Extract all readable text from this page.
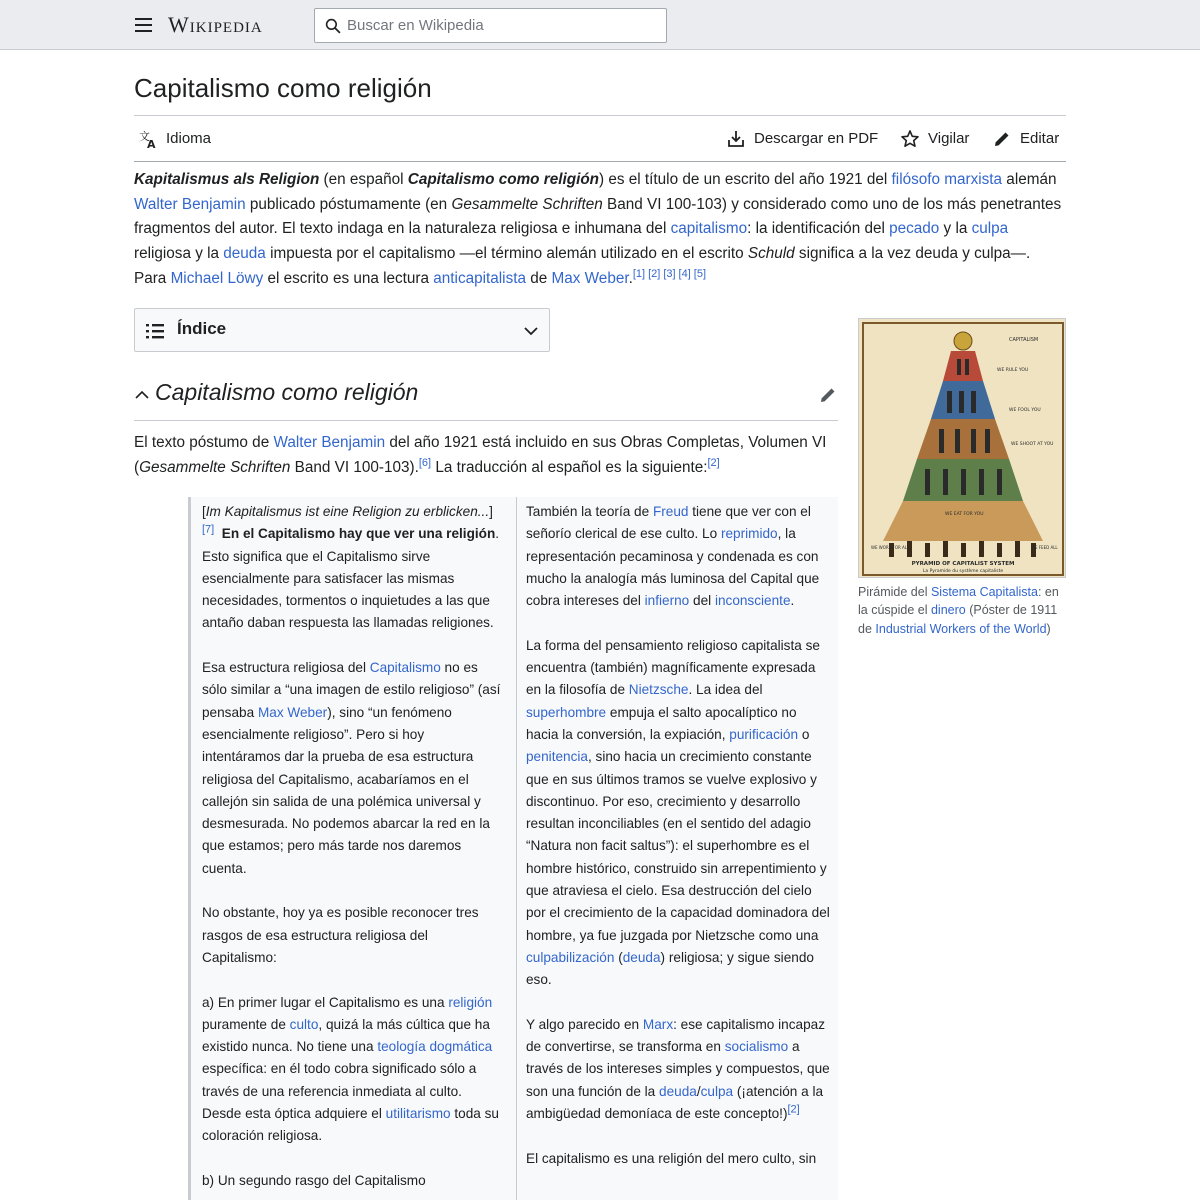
Wikipedia
Buscar en Wikipedia
Capitalismo como religión
文
A Idioma	Descargar en PDF	Vigilar	Editar
Kapitalismus als Religion (en español Capitalismo como religión) es el título de un escrito del año 1921 del filósofo marxista alemán Walter Benjamin publicado póstumamente (en Gesammelte Schriften Band VI 100-103) y considerado como uno de los más penetrantes fragmentos del autor. El texto indaga en la naturaleza religiosa e inhumana del capitalismo: la identificación del pecado y la culpa religiosa y la deuda impuesta por el capitalismo —el término alemán utilizado en el escrito Schuld significa a la vez deuda y culpa—. Para Michael Löwy el escrito es una lectura anticapitalista de Max Weber.[1] [2] [3] [4] [5]
Índice
Capitalismo como religión
El texto póstumo de Walter Benjamin del año 1921 está incluido en sus Obras Completas, Volumen VI (Gesammelte Schriften Band VI 100-103).[6] La traducción al español es la siguiente:[2]

[Im Kapitalismus ist eine Religion zu erblicken...][7] En el Capitalismo hay que ver una religión. Esto significa que el Capitalismo sirve esencialmente para satisfacer las mismas necesidades, tormentos o inquietudes a las que antaño daban respuesta las llamadas religiones.

Esa estructura religiosa del Capitalismo no es sólo similar a “una imagen de estilo religioso” (así pensaba Max Weber), sino “un fenómeno esencialmente religioso”. Pero si hoy intentáramos dar la prueba de esa estructura religiosa del Capitalismo, acabaríamos en el callejón sin salida de una polémica universal y desmesurada. No podemos abarcar la red en la que estamos; pero más tarde nos daremos cuenta.

No obstante, hoy ya es posible reconocer tres rasgos de esa estructura religiosa del Capitalismo:

a) En primer lugar el Capitalismo es una religión puramente de culto, quizá la más cúltica que ha existido nunca. No tiene una teología dogmática específica: en él todo cobra significado sólo a través de una referencia inmediata al culto. Desde esta óptica adquiere el utilitarismo toda su coloración religiosa.

b) Un segundo rasgo del Capitalismo

También la teoría de Freud tiene que ver con el señorío clerical de ese culto. Lo reprimido, la representación pecaminosa y condenada es con mucho la analogía más luminosa del Capital que cobra intereses del infierno del inconsciente.

La forma del pensamiento religioso capitalista se encuentra (también) magníficamente expresada en la filosofía de Nietzsche. La idea del superhombre empuja el salto apocalíptico no hacia la conversión, la expiación, purificación o penitencia, sino hacia un crecimiento constante que en sus últimos tramos se vuelve explosivo y discontinuo. Por eso, crecimiento y desarrollo resultan inconciliables (en el sentido del adagio “Natura non facit saltus”): el superhombre es el hombre histórico, construido sin arrepentimiento y que atraviesa el cielo. Esa destrucción del cielo por el crecimiento de la capacidad dominadora del hombre, ya fue juzgada por Nietzsche como una culpabilización (deuda) religiosa; y sigue siendo eso.

Y algo parecido en Marx: ese capitalismo incapaz de convertirse, se transforma en socialismo a través de los intereses simples y compuestos, que son una función de la deuda/culpa (¡atención a la ambigüedad demoníaca de este concepto!)[2]

El capitalismo es una religión del mero culto, sin

CAPITALISM
WE RULE YOU
WE FOOL YOU
WE SHOOT AT YOU
WE EAT FOR YOU
WE WORK FOR ALL	WE FEED ALL
PYRAMID OF CAPITALIST SYSTEM
La Pyramide du système capitaliste
Pirámide del Sistema Capitalista: en la cúspide el dinero (Póster de 1911 de Industrial Workers of the World)
